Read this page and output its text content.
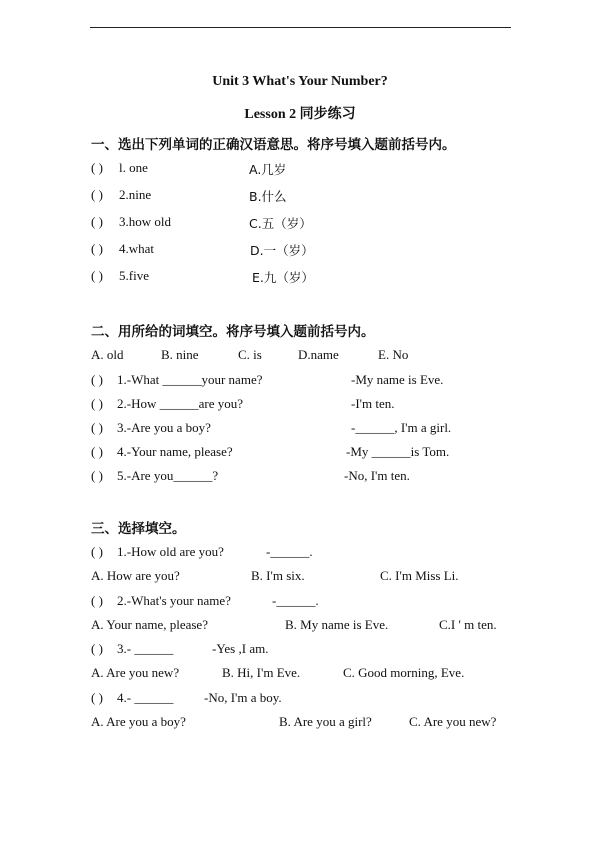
Unit 3 What's Your Number?
Lesson 2 同步练习
一、选出下列单词的正确汉语意思。将序号填入题前括号内。
( ) l. one	A.几岁
( ) 2.nine	B.什么
( ) 3.how old	C.五（岁）
( ) 4.what	D.一（岁）
( ) 5.five	E.九（岁）
二、用所给的词填空。将序号填入题前括号内。
A. old	B. nine	C. is	D.name	E. No
( ) 1.-What ______your name?	-My name is Eve.
( ) 2.-How ______are you?	-I'm ten.
( ) 3.-Are you a boy?	-______, I'm a girl.
( ) 4.-Your name, please?	-My ______is Tom.
( ) 5.-Are you______?	-No, I'm ten.
三、选择填空。
( ) 1.-How old are you?	-______.
A. How are you?	B. I'm six.	C. I'm Miss Li.
( ) 2.-What's your name?	-______.
A. Your name, please?	B. My name is Eve.	C.I ' m ten.
( ) 3.- ______	-Yes ,I am.
A. Are you new?	B. Hi, I'm Eve.	C. Good morning, Eve.
( ) 4.- ______ -No, I'm a boy.
A. Are you a boy?	B. Are you a girl?	C. Are you new?
